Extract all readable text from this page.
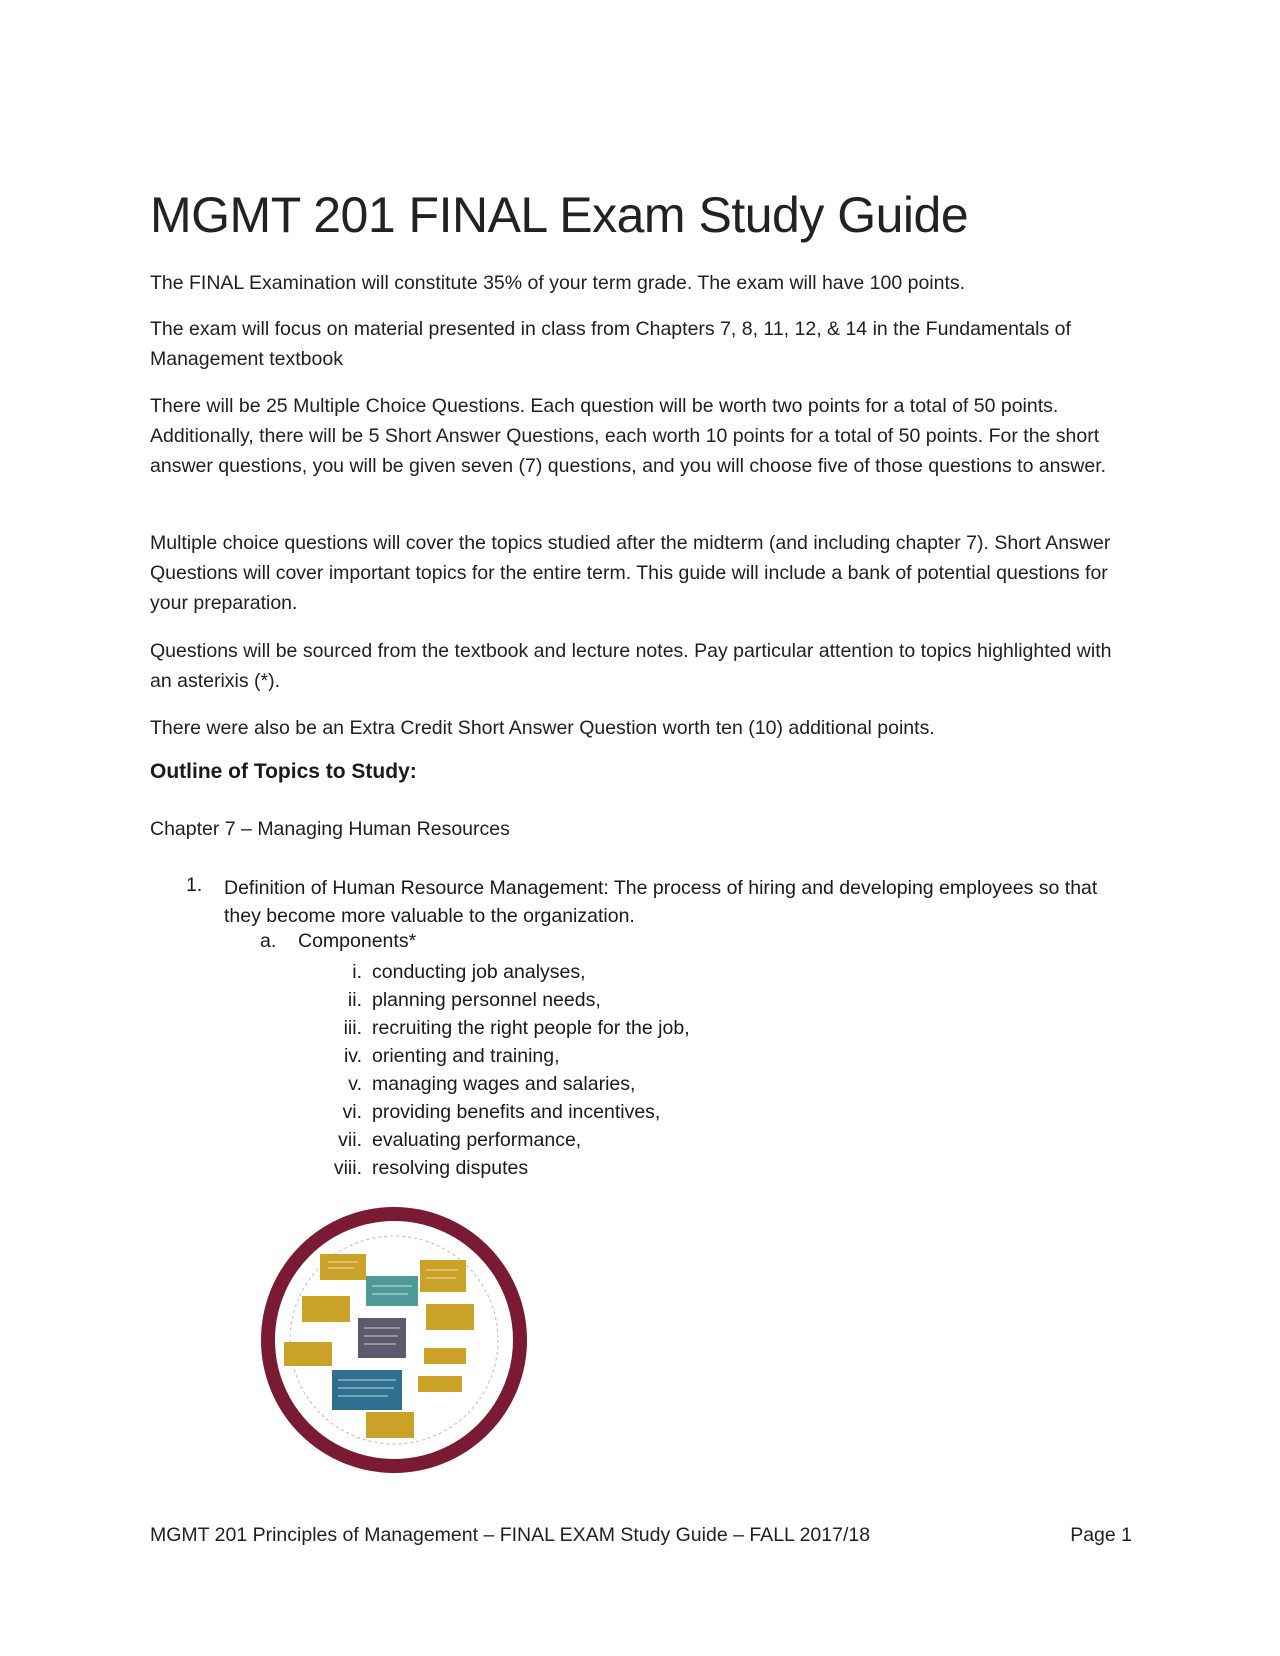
MGMT 201 FINAL Exam Study Guide
The FINAL Examination will constitute 35% of your term grade. The exam will have 100 points.
The exam will focus on material presented in class from Chapters 7, 8, 11, 12, & 14 in the Fundamentals of Management textbook
There will be 25 Multiple Choice Questions. Each question will be worth two points for a total of 50 points. Additionally, there will be 5 Short Answer Questions, each worth 10 points for a total of 50 points. For the short answer questions, you will be given seven (7) questions, and you will choose five of those questions to answer.
Multiple choice questions will cover the topics studied after the midterm (and including chapter 7). Short Answer Questions will cover important topics for the entire term. This guide will include a bank of potential questions for your preparation.
Questions will be sourced from the textbook and lecture notes. Pay particular attention to topics highlighted with an asterixis (*).
There were also be an Extra Credit Short Answer Question worth ten (10) additional points.
Outline of Topics to Study:
Chapter 7 – Managing Human Resources
1. Definition of Human Resource Management: The process of hiring and developing employees so that they become more valuable to the organization.
a. Components*
i. conducting job analyses,
ii. planning personnel needs,
iii. recruiting the right people for the job,
iv. orienting and training,
v. managing wages and salaries,
vi. providing benefits and incentives,
vii. evaluating performance,
viii. resolving disputes
MGMT 201 Principles of Management – FINAL EXAM Study Guide – FALL 2017/18	Page 1
